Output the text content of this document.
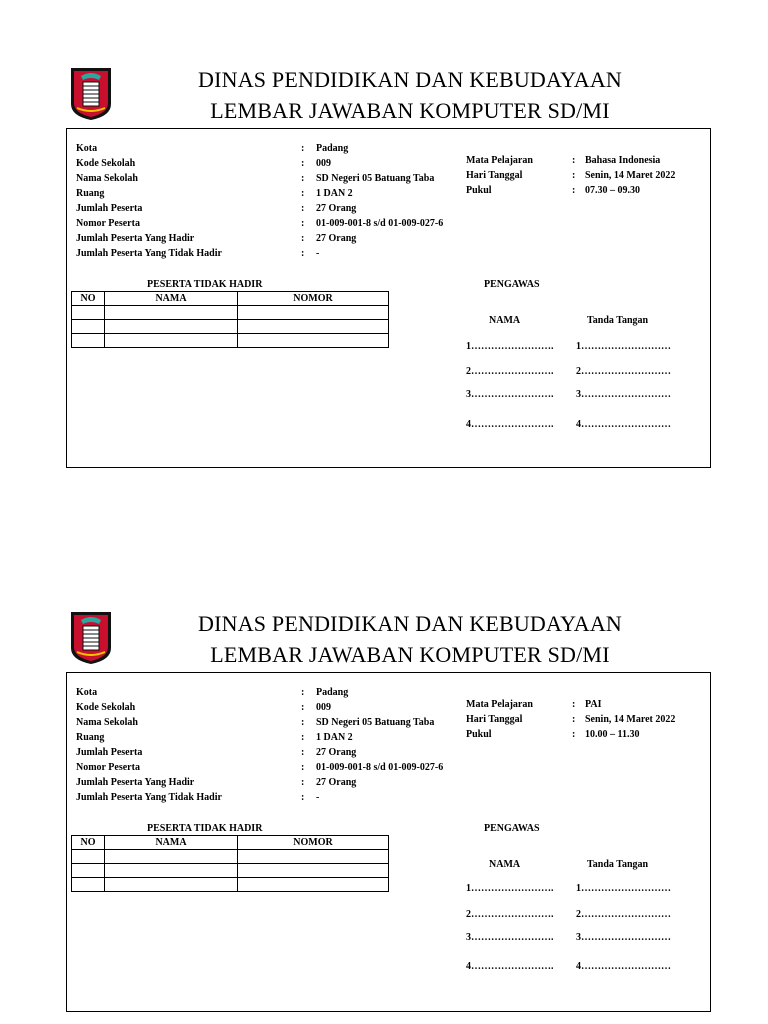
DINAS PENDIDIKAN DAN KEBUDAYAAN
LEMBAR JAWABAN KOMPUTER SD/MI
Kota	: Padang
Kode Sekolah	: 009
Nama Sekolah	: SD Negeri 05 Batuang Taba
Ruang	: 1 DAN 2
Jumlah Peserta	: 27 Orang
Nomor Peserta	: 01-009-001-8 s/d 01-009-027-6
Jumlah Peserta Yang Hadir	: 27 Orang
Jumlah Peserta Yang Tidak Hadir	: -
Mata Pelajaran	: Bahasa Indonesia
Hari Tanggal	: Senin, 14 Maret 2022
Pukul	: 07.30 – 09.30
PESERTA TIDAK HADIR
NO	NAMA	NOMOR

PENGAWAS
NAMA	Tanda Tangan
1……………………. 1………………………
2……………………. 2………………………
3……………………. 3………………………
4……………………. 4………………………
DINAS PENDIDIKAN DAN KEBUDAYAAN
LEMBAR JAWABAN KOMPUTER SD/MI
Kota	: Padang
Kode Sekolah	: 009
Nama Sekolah	: SD Negeri 05 Batuang Taba
Ruang	: 1 DAN 2
Jumlah Peserta	: 27 Orang
Nomor Peserta	: 01-009-001-8 s/d 01-009-027-6
Jumlah Peserta Yang Hadir	: 27 Orang
Jumlah Peserta Yang Tidak Hadir	: -
Mata Pelajaran	: PAI
Hari Tanggal	: Senin, 14 Maret 2022
Pukul	: 10.00 – 11.30
PESERTA TIDAK HADIR
NO	NAMA	NOMOR

PENGAWAS
NAMA	Tanda Tangan
1……………………. 1………………………
2……………………. 2………………………
3……………………. 3………………………
4……………………. 4………………………
